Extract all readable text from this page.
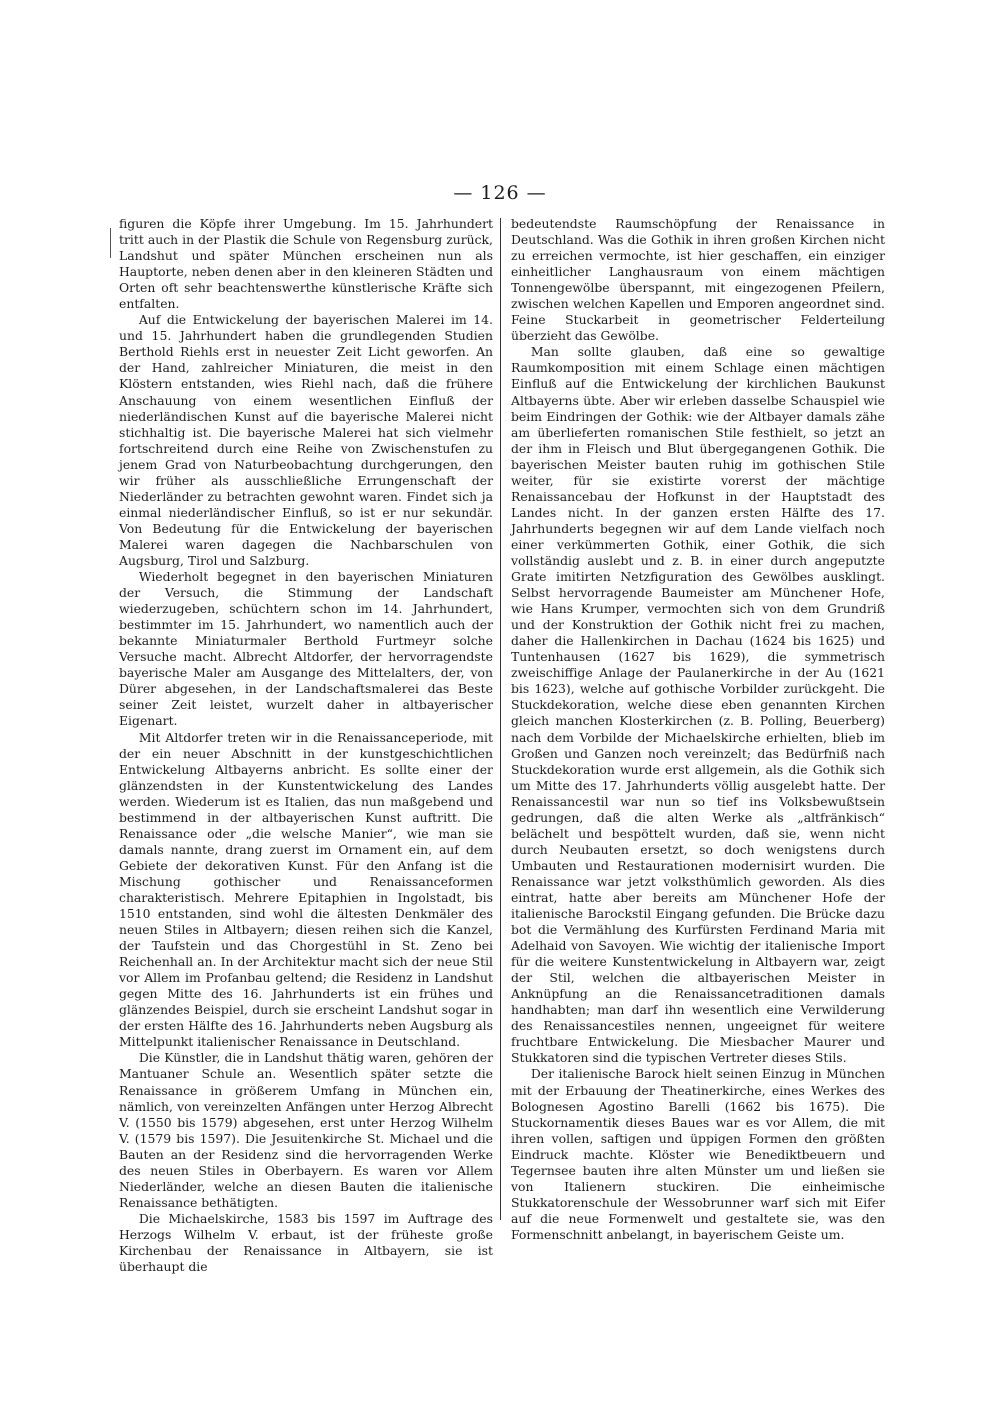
— 126 —

figuren die Köpfe ihrer Umgebung. Im 15. Jahrhundert tritt auch in der Plastik die Schule von Regensburg zurück, Landshut und später München erscheinen nun als Hauptorte, neben denen aber in den kleineren Städten und Orten oft sehr beachtenswerthe künstlerische Kräfte sich entfalten.

Auf die Entwickelung der bayerischen Malerei im 14. und 15. Jahrhundert haben die grundlegenden Studien Berthold Riehls erst in neuester Zeit Licht geworfen. An der Hand, zahlreicher Miniaturen, die meist in den Klöstern entstanden, wies Riehl nach, daß die frühere Anschauung von einem wesentlichen Einfluß der niederländischen Kunst auf die bayerische Malerei nicht stichhaltig ist. Die bayerische Malerei hat sich vielmehr fortschreitend durch eine Reihe von Zwischenstufen zu jenem Grad von Naturbeobachtung durchgerungen, den wir früher als ausschließliche Errungenschaft der Niederländer zu betrachten gewohnt waren. Findet sich ja einmal niederländischer Einfluß, so ist er nur sekundär. Von Bedeutung für die Entwickelung der bayerischen Malerei waren dagegen die Nachbarschulen von Augsburg, Tirol und Salzburg.

Wiederholt begegnet in den bayerischen Miniaturen der Versuch, die Stimmung der Landschaft wiederzugeben, schüchtern schon im 14. Jahrhundert, bestimmter im 15. Jahrhundert, wo namentlich auch der bekannte Miniaturmaler Berthold Furtmeyr solche Versuche macht. Albrecht Altdorfer, der hervorragendste bayerische Maler am Ausgange des Mittelalters, der, von Dürer abgesehen, in der Landschaftsmalerei das Beste seiner Zeit leistet, wurzelt daher in altbayerischer Eigenart.

Mit Altdorfer treten wir in die Renaissanceperiode, mit der ein neuer Abschnitt in der kunstgeschichtlichen Entwickelung Altbayerns anbricht. Es sollte einer der glänzendsten in der Kunstentwickelung des Landes werden. Wiederum ist es Italien, das nun maßgebend und bestimmend in der altbayerischen Kunst auftritt. Die Renaissance oder „die welsche Manier“, wie man sie damals nannte, drang zuerst im Ornament ein, auf dem Gebiete der dekorativen Kunst. Für den Anfang ist die Mischung gothischer und Renaissanceformen charakteristisch. Mehrere Epitaphien in Ingolstadt, bis 1510 entstanden, sind wohl die ältesten Denkmäler des neuen Stiles in Altbayern; diesen reihen sich die Kanzel, der Taufstein und das Chorgestühl in St. Zeno bei Reichenhall an. In der Architektur macht sich der neue Stil vor Allem im Profanbau geltend; die Residenz in Landshut gegen Mitte des 16. Jahrhunderts ist ein frühes und glänzendes Beispiel, durch sie erscheint Landshut sogar in der ersten Hälfte des 16. Jahrhunderts neben Augsburg als Mittelpunkt italienischer Renaissance in Deutschland.

Die Künstler, die in Landshut thätig waren, gehören der Mantuaner Schule an. Wesentlich später setzte die Renaissance in größerem Umfang in München ein, nämlich, von vereinzelten Anfängen unter Herzog Albrecht V. (1550 bis 1579) abgesehen, erst unter Herzog Wilhelm V. (1579 bis 1597). Die Jesuitenkirche St. Michael und die Bauten an der Residenz sind die hervorragenden Werke des neuen Stiles in Oberbayern. Es waren vor Allem Niederländer, welche an diesen Bauten die italienische Renaissance bethätigten.

Die Michaelskirche, 1583 bis 1597 im Auftrage des Herzogs Wilhelm V. erbaut, ist der früheste große Kirchenbau der Renaissance in Altbayern, sie ist überhaupt die

bedeutendste Raumschöpfung der Renaissance in Deutschland. Was die Gothik in ihren großen Kirchen nicht zu erreichen vermochte, ist hier geschaffen, ein einziger einheitlicher Langhausraum von einem mächtigen Tonnengewölbe überspannt, mit eingezogenen Pfeilern, zwischen welchen Kapellen und Emporen angeordnet sind. Feine Stuckarbeit in geometrischer Felderteilung überzieht das Gewölbe.

Man sollte glauben, daß eine so gewaltige Raumkomposition mit einem Schlage einen mächtigen Einfluß auf die Entwickelung der kirchlichen Baukunst Altbayerns übte. Aber wir erleben dasselbe Schauspiel wie beim Eindringen der Gothik: wie der Altbayer damals zähe am überlieferten romanischen Stile festhielt, so jetzt an der ihm in Fleisch und Blut übergegangenen Gothik. Die bayerischen Meister bauten ruhig im gothischen Stile weiter, für sie existirte vorerst der mächtige Renaissancebau der Hofkunst in der Hauptstadt des Landes nicht. In der ganzen ersten Hälfte des 17. Jahrhunderts begegnen wir auf dem Lande vielfach noch einer verkümmerten Gothik, einer Gothik, die sich vollständig auslebt und z. B. in einer durch angeputzte Grate imitirten Netzfiguration des Gewölbes ausklingt. Selbst hervorragende Baumeister am Münchener Hofe, wie Hans Krumper, vermochten sich von dem Grundriß und der Konstruktion der Gothik nicht frei zu machen, daher die Hallenkirchen in Dachau (1624 bis 1625) und Tuntenhausen (1627 bis 1629), die symmetrisch zweischiffige Anlage der Paulanerkirche in der Au (1621 bis 1623), welche auf gothische Vorbilder zurückgeht. Die Stuckdekoration, welche diese eben genannten Kirchen gleich manchen Klosterkirchen (z. B. Polling, Beuerberg) nach dem Vorbilde der Michaelskirche erhielten, blieb im Großen und Ganzen noch vereinzelt; das Bedürfniß nach Stuckdekoration wurde erst allgemein, als die Gothik sich um Mitte des 17. Jahrhunderts völlig ausgelebt hatte. Der Renaissancestil war nun so tief ins Volksbewußtsein gedrungen, daß die alten Werke als „altfränkisch“ belächelt und bespöttelt wurden, daß sie, wenn nicht durch Neubauten ersetzt, so doch wenigstens durch Umbauten und Restaurationen modernisirt wurden. Die Renaissance war jetzt volksthümlich geworden. Als dies eintrat, hatte aber bereits am Münchener Hofe der italienische Barockstil Eingang gefunden. Die Brücke dazu bot die Vermählung des Kurfürsten Ferdinand Maria mit Adelhaid von Savoyen. Wie wichtig der italienische Import für die weitere Kunstentwickelung in Altbayern war, zeigt der Stil, welchen die altbayerischen Meister in Anknüpfung an die Renaissancetraditionen damals handhabten; man darf ihn wesentlich eine Verwilderung des Renaissancestiles nennen, ungeeignet für weitere fruchtbare Entwickelung. Die Miesbacher Maurer und Stukkatoren sind die typischen Vertreter dieses Stils.

Der italienische Barock hielt seinen Einzug in München mit der Erbauung der Theatinerkirche, eines Werkes des Bolognesen Agostino Barelli (1662 bis 1675). Die Stuckornamentik dieses Baues war es vor Allem, die mit ihren vollen, saftigen und üppigen Formen den größten Eindruck machte. Klöster wie Benediktbeuern und Tegernsee bauten ihre alten Münster um und ließen sie von Italienern stuckiren. Die einheimische Stukkatorenschule der Wessobrunner warf sich mit Eifer auf die neue Formenwelt und gestaltete sie, was den Formenschnitt anbelangt, in bayerischem Geiste um.
